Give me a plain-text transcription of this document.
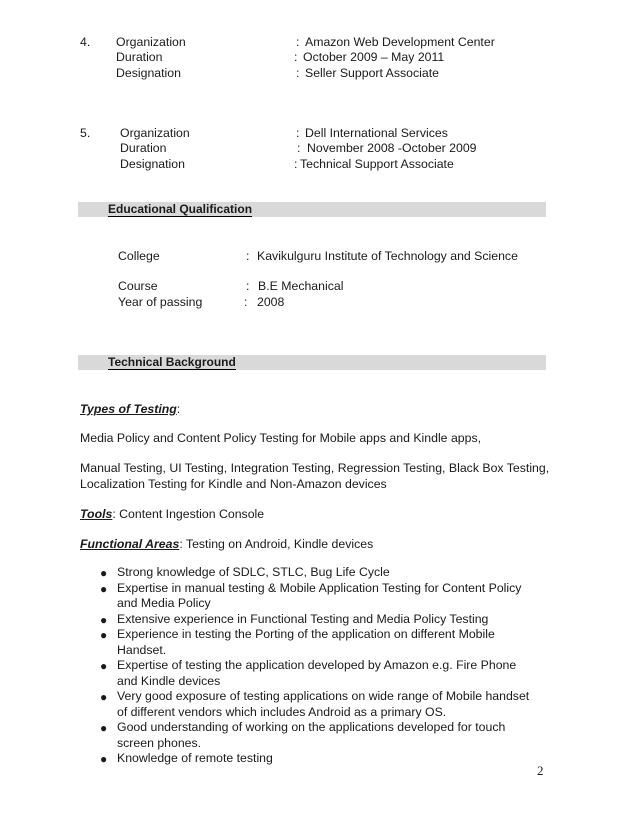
4. Organization	: Amazon Web Development Center
Duration	: October 2009 – May 2011
Designation	: Seller Support Associate
5. Organization	: Dell International Services
Duration	: November 2008 -October 2009
Designation	: Technical Support Associate
Educational Qualification
College	: Kavikulguru Institute of Technology and Science
Course	: B.E Mechanical
Year of passing	: 2008
Technical Background
Types of Testing:
Media Policy and Content Policy Testing for Mobile apps and Kindle apps,
Manual Testing, UI Testing, Integration Testing, Regression Testing, Black Box Testing,
Localization Testing for Kindle and Non-Amazon devices
Tools: Content Ingestion Console
Functional Areas: Testing on Android, Kindle devices
● Strong knowledge of SDLC, STLC, Bug Life Cycle
● Expertise in manual testing & Mobile Application Testing for Content Policy and Media Policy
● Extensive experience in Functional Testing and Media Policy Testing
● Experience in testing the Porting of the application on different Mobile Handset.
● Expertise of testing the application developed by Amazon e.g. Fire Phone and Kindle devices
● Very good exposure of testing applications on wide range of Mobile handset of different vendors which includes Android as a primary OS.
● Good understanding of working on the applications developed for touch screen phones.
● Knowledge of remote testing
2
